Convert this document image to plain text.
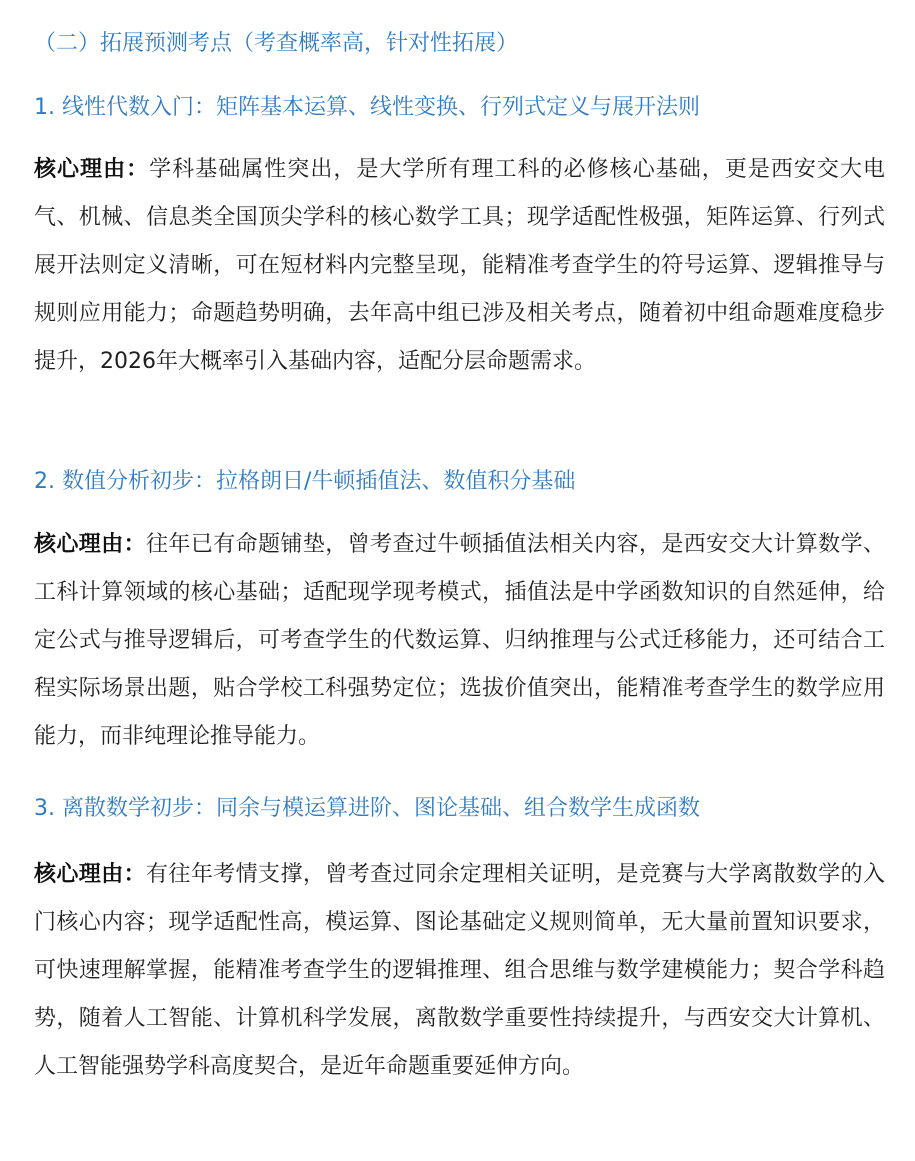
（二）拓展预测考点（考查概率高，针对性拓展）
1. 线性代数入门：矩阵基本运算、线性变换、行列式定义与展开法则

核心理由：学科基础属性突出，是大学所有理工科的必修核心基础，更是西安交大电气、机械、信息类全国顶尖学科的核心数学工具；现学适配性极强，矩阵运算、行列式展开法则定义清晰，可在短材料内完整呈现，能精准考查学生的符号运算、逻辑推导与规则应用能力；命题趋势明确，去年高中组已涉及相关考点，随着初中组命题难度稳步提升，2026年大概率引入基础内容，适配分层命题需求。

2. 数值分析初步：拉格朗日/牛顿插值法、数值积分基础

核心理由：往年已有命题铺垫，曾考查过牛顿插值法相关内容，是西安交大计算数学、工科计算领域的核心基础；适配现学现考模式，插值法是中学函数知识的自然延伸，给定公式与推导逻辑后，可考查学生的代数运算、归纳推理与公式迁移能力，还可结合工程实际场景出题，贴合学校工科强势定位；选拔价值突出，能精准考查学生的数学应用能力，而非纯理论推导能力。

3. 离散数学初步：同余与模运算进阶、图论基础、组合数学生成函数

核心理由：有往年考情支撑，曾考查过同余定理相关证明，是竞赛与大学离散数学的入门核心内容；现学适配性高，模运算、图论基础定义规则简单，无大量前置知识要求，可快速理解掌握，能精准考查学生的逻辑推理、组合思维与数学建模能力；契合学科趋势，随着人工智能、计算机科学发展，离散数学重要性持续提升，与西安交大计算机、人工智能强势学科高度契合，是近年命题重要延伸方向。
